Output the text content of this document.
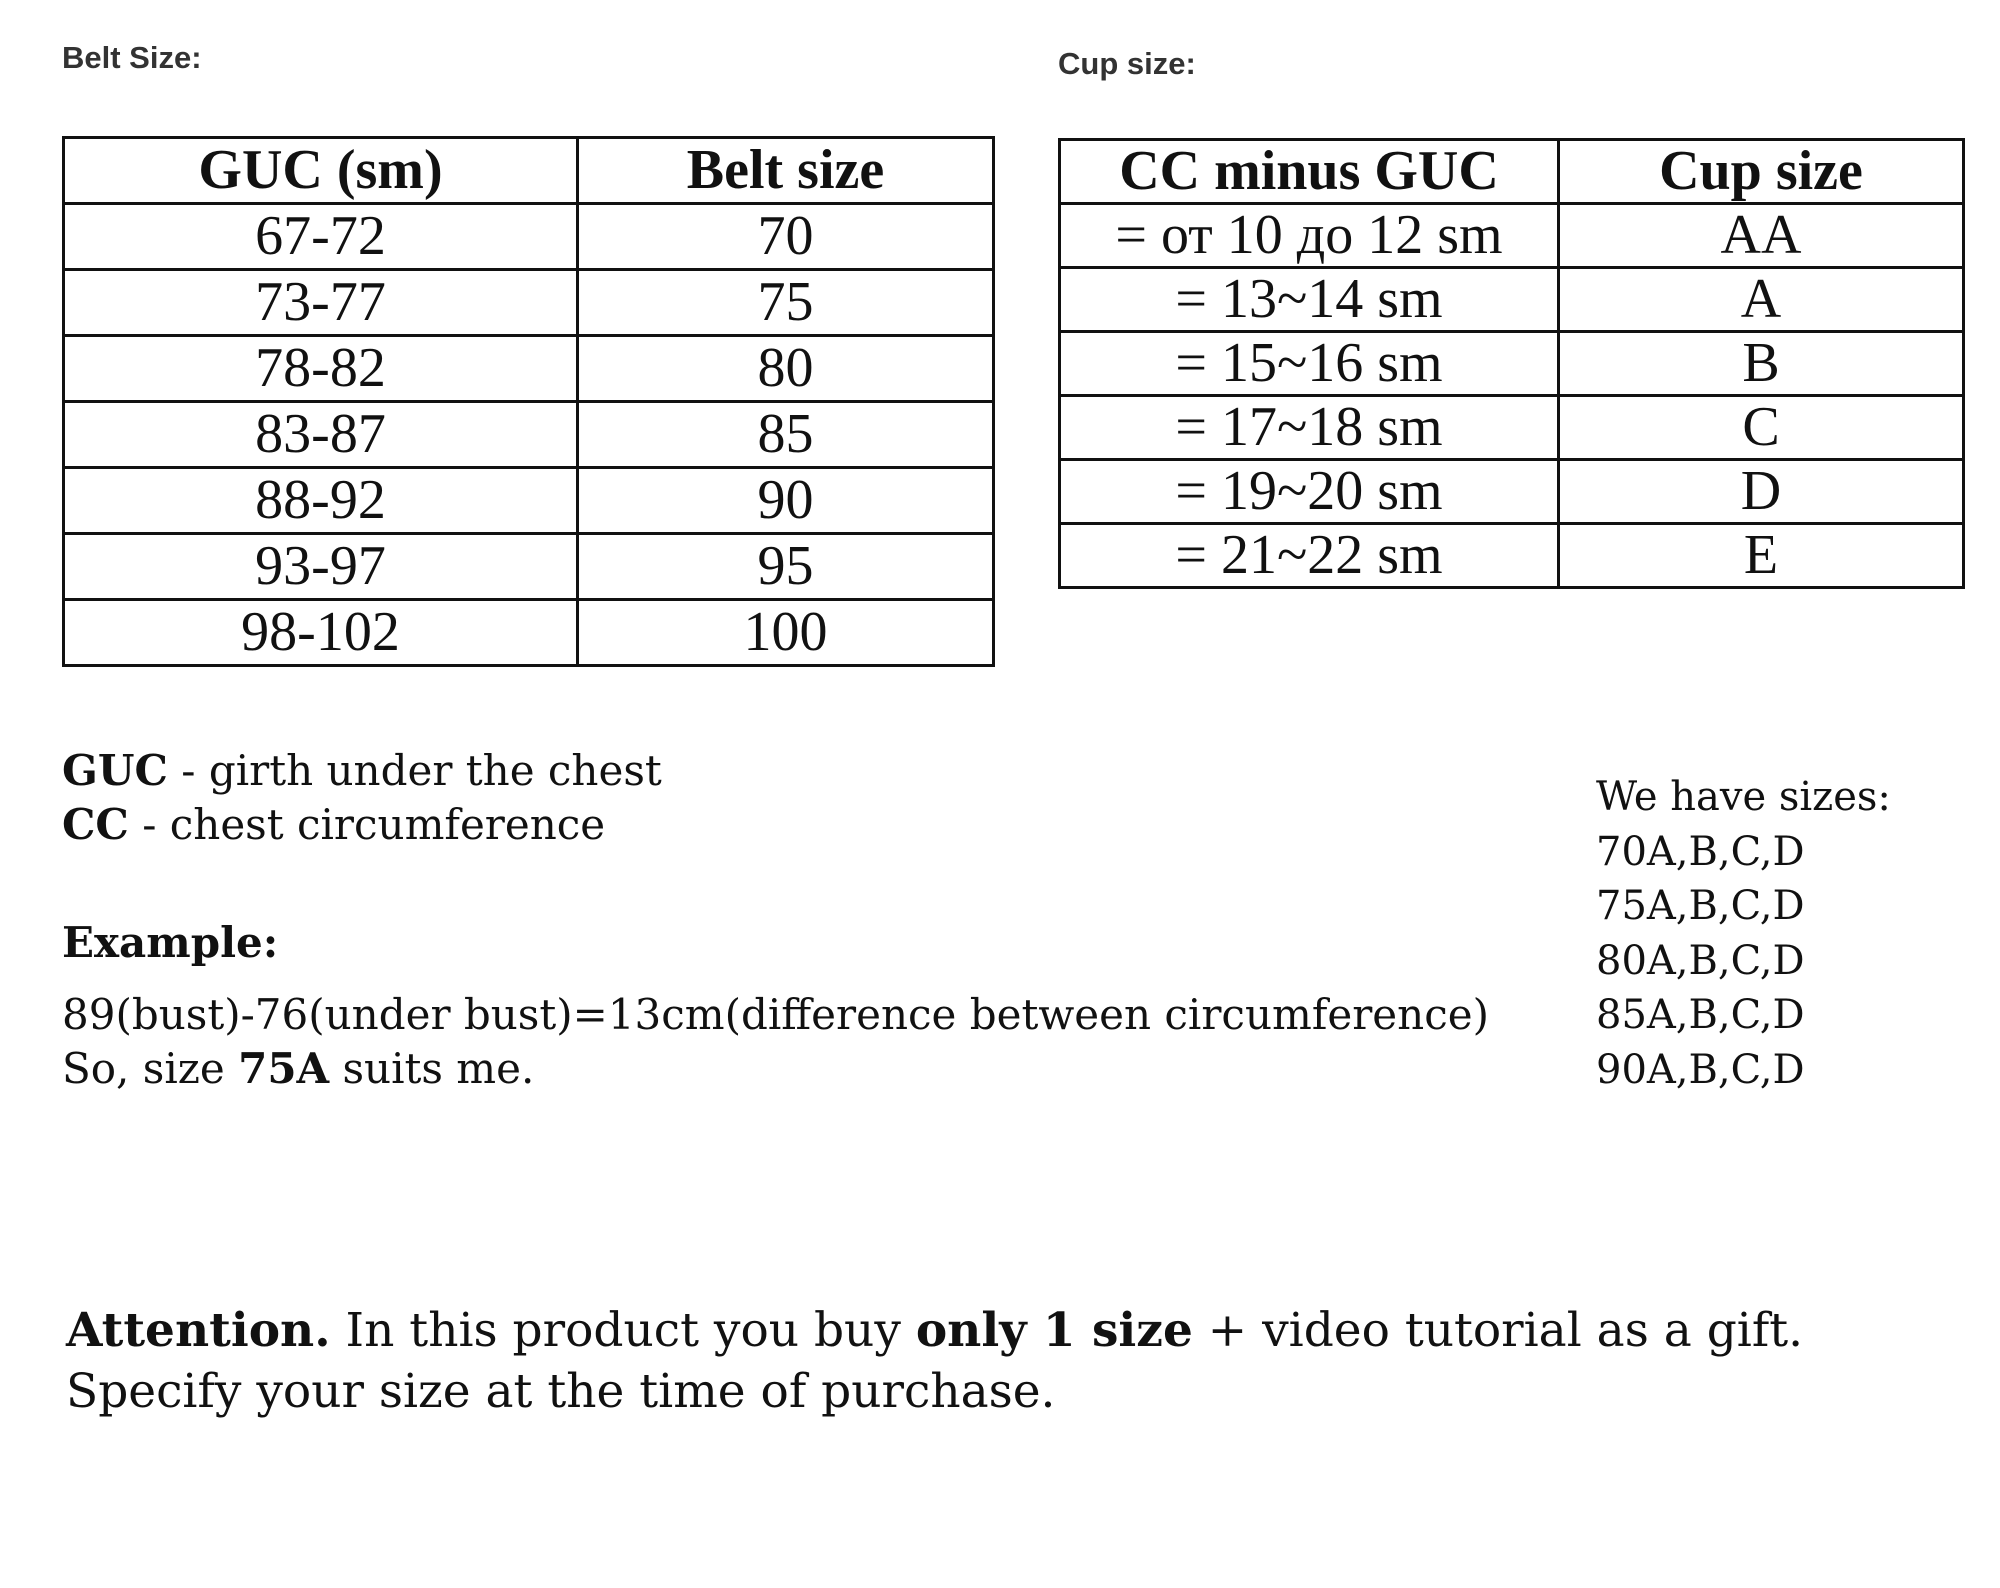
Belt Size:

GUC (sm)	Belt size
67-72	70
73-77	75
78-82	80
83-87	85
88-92	90
93-97	95
98-102	100

Cup size:

CC minus GUC	Cup size
= от 10 до 12 sm	AA
= 13~14 sm	A
= 15~16 sm	B
= 17~18 sm	C
= 19~20 sm	D
= 21~22 sm	E

GUC - girth under the chest

CC - chest circumference

Example:

89(bust)-76(under bust)=13cm(difference between circumference)

So, size 75A suits me.

We have sizes:

70A,B,C,D

75A,B,C,D

80A,B,C,D

85A,B,C,D

90A,B,C,D

Attention. In this product you buy only 1 size + video tutorial as a gift.

Specify your size at the time of purchase.
